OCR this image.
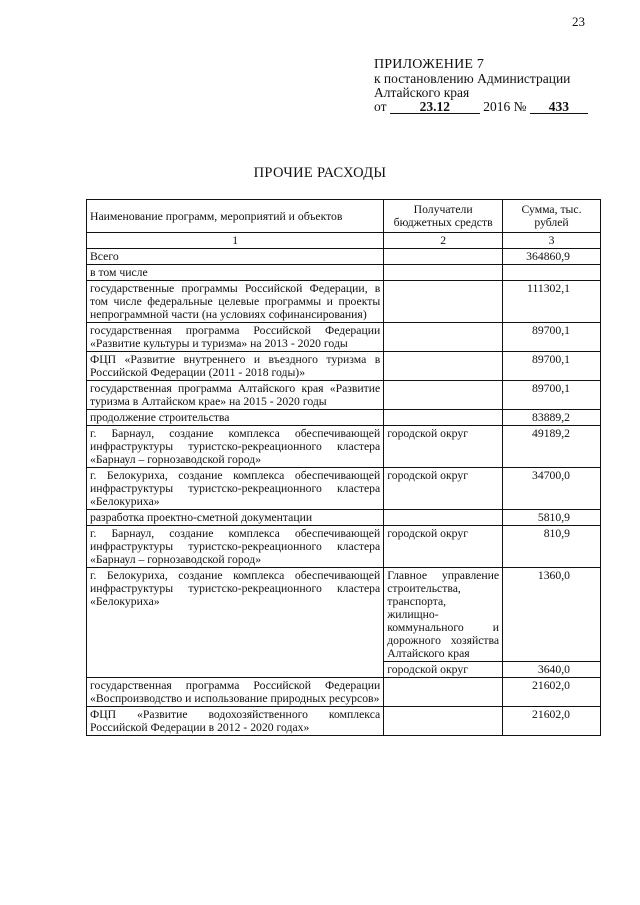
23
ПРИЛОЖЕНИЕ 7
к постановлению Администрации
Алтайского края
от 23.12 2016 № 433
ПРОЧИЕ РАСХОДЫ
Наименование программ, мероприятий и объектов	Получатели бюджетных средств	Сумма, тыс. рублей
1	2	3
Всего		364860,9
в том числе		
государственные программы Российской Федерации, в том числе федеральные целевые программы и проекты непрограммной части (на условиях софинансирования)		111302,1
государственная программа Российской Федерации «Развитие культуры и туризма» на 2013 - 2020 годы		89700,1
ФЦП «Развитие внутреннего и въездного туризма в Российской Федерации (2011 - 2018 годы)»		89700,1
государственная программа Алтайского края «Развитие туризма в Алтайском крае» на 2015 - 2020 годы		89700,1
продолжение строительства		83889,2
г. Барнаул, создание комплекса обеспечивающей инфраструктуры туристско-рекреационного кластера «Барнаул – горнозаводской город»	городской округ	49189,2
г. Белокуриха, создание комплекса обеспечивающей инфраструктуры туристско-рекреационного кластера «Белокуриха»	городской округ	34700,0
разработка проектно-сметной документации		5810,9
г. Барнаул, создание комплекса обеспечивающей инфраструктуры туристско-рекреационного кластера «Барнаул – горнозаводской город»	городской округ	810,9
г. Белокуриха, создание комплекса обеспечивающей инфраструктуры туристско-рекреационного кластера «Белокуриха»	Главное управление строительства, транспорта, жилищно-коммунального и дорожного хозяйства Алтайского края	1360,0
	городской округ	3640,0
государственная программа Российской Федерации «Воспроизводство и использование природных ресурсов»		21602,0
ФЦП «Развитие водохозяйственного комплекса Российской Федерации в 2012 - 2020 годах»		21602,0
